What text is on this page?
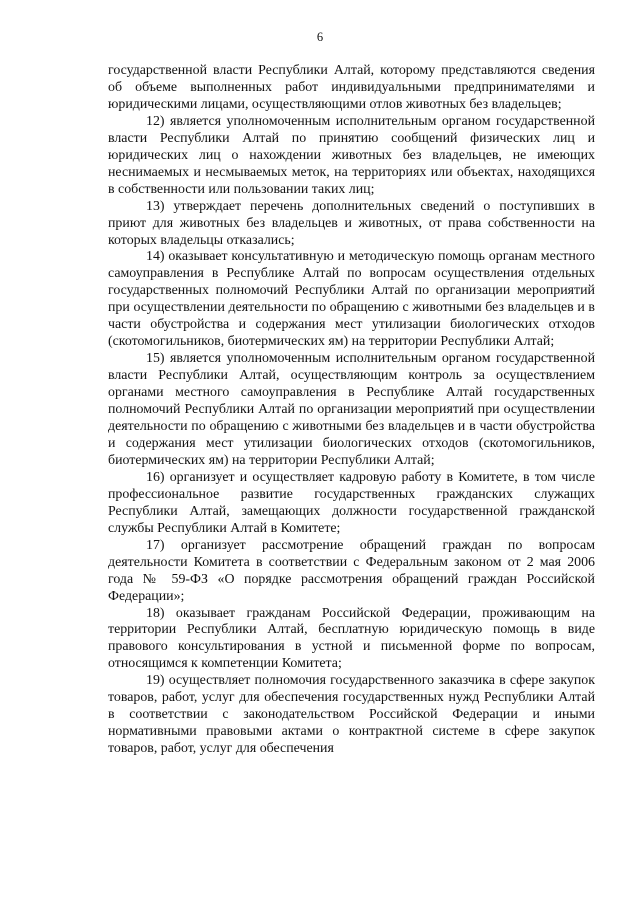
6

государственной власти Республики Алтай, которому представляются сведения об объеме выполненных работ индивидуальными предпринимателями и юридическими лицами, осуществляющими отлов животных без владельцев;

12) является уполномоченным исполнительным органом государственной власти Республики Алтай по принятию сообщений физических лиц и юридических лиц о нахождении животных без владельцев, не имеющих неснимаемых и несмываемых меток, на территориях или объектах, находящихся в собственности или пользовании таких лиц;

13) утверждает перечень дополнительных сведений о поступивших в приют для животных без владельцев и животных, от права собственности на которых владельцы отказались;

14) оказывает консультативную и методическую помощь органам местного самоуправления в Республике Алтай по вопросам осуществления отдельных государственных полномочий Республики Алтай по организации мероприятий при осуществлении деятельности по обращению с животными без владельцев и в части обустройства и содержания мест утилизации биологических отходов (скотомогильников, биотермических ям) на территории Республики Алтай;

15) является уполномоченным исполнительным органом государственной власти Республики Алтай, осуществляющим контроль за осуществлением органами местного самоуправления в Республике Алтай государственных полномочий Республики Алтай по организации мероприятий при осуществлении деятельности по обращению с животными без владельцев и в части обустройства и содержания мест утилизации биологических отходов (скотомогильников, биотермических ям) на территории Республики Алтай;

16) организует и осуществляет кадровую работу в Комитете, в том числе профессиональное развитие государственных гражданских служащих Республики Алтай, замещающих должности государственной гражданской службы Республики Алтай в Комитете;

17) организует рассмотрение обращений граждан по вопросам деятельности Комитета в соответствии с Федеральным законом от 2 мая 2006 года № 59-ФЗ «О порядке рассмотрения обращений граждан Российской Федерации»;

18) оказывает гражданам Российской Федерации, проживающим на территории Республики Алтай, бесплатную юридическую помощь в виде правового консультирования в устной и письменной форме по вопросам, относящимся к компетенции Комитета;

19) осуществляет полномочия государственного заказчика в сфере закупок товаров, работ, услуг для обеспечения государственных нужд Республики Алтай в соответствии с законодательством Российской Федерации и иными нормативными правовыми актами о контрактной системе в сфере закупок товаров, работ, услуг для обеспечения
